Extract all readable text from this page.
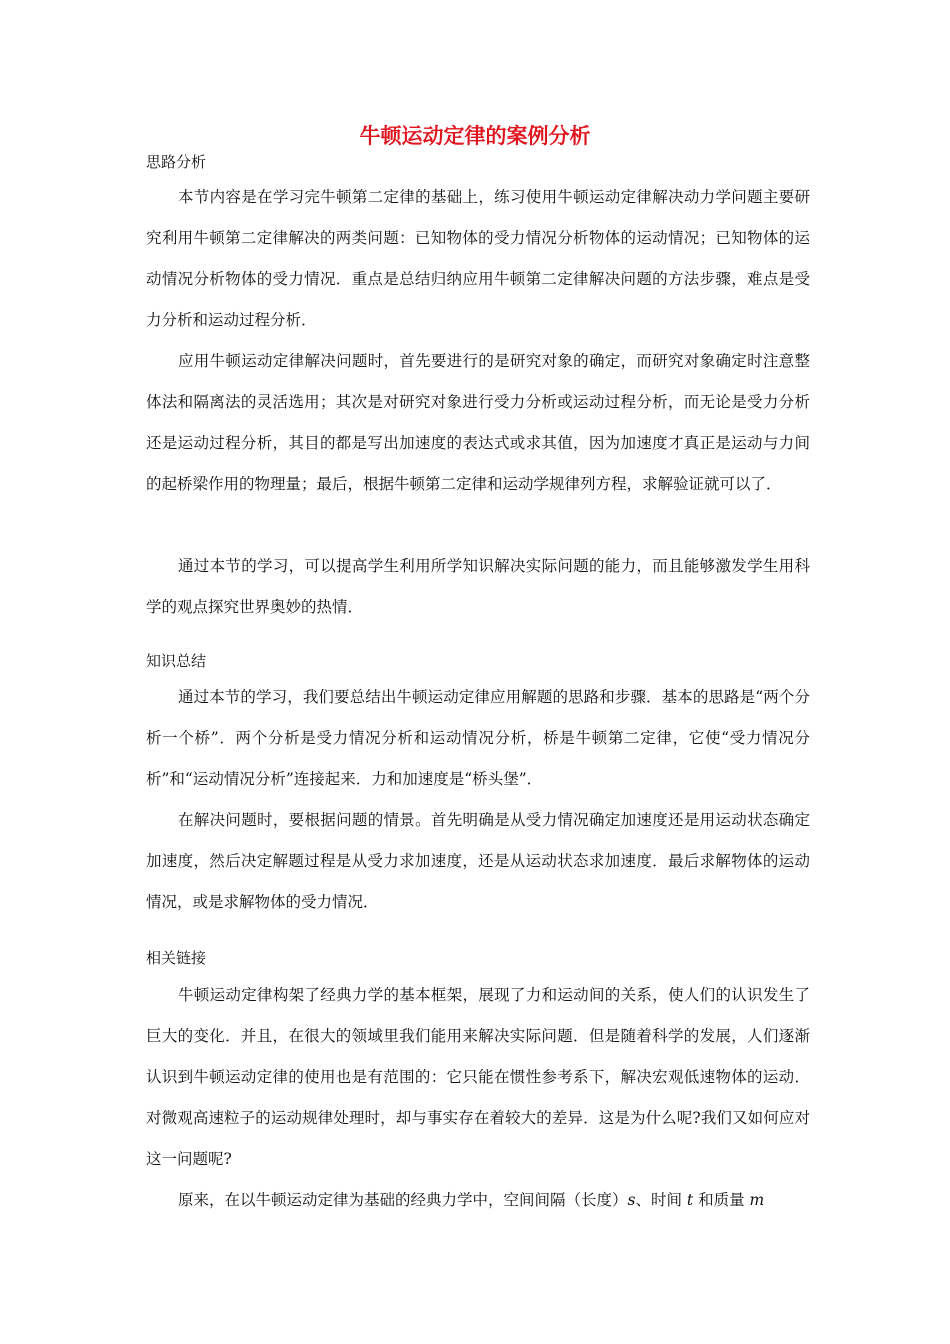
牛顿运动定律的案例分析
思路分析

本节内容是在学习完牛顿第二定律的基础上，练习使用牛顿运动定律解决动力学问题主要研究利用牛顿第二定律解决的两类问题：已知物体的受力情况分析物体的运动情况；已知物体的运动情况分析物体的受力情况．重点是总结归纳应用牛顿第二定律解决问题的方法步骤，难点是受力分析和运动过程分析．

应用牛顿运动定律解决问题时，首先要进行的是研究对象的确定，而研究对象确定时注意整体法和隔离法的灵活选用；其次是对研究对象进行受力分析或运动过程分析，而无论是受力分析还是运动过程分析，其目的都是写出加速度的表达式或求其值，因为加速度才真正是运动与力间的起桥梁作用的物理量；最后，根据牛顿第二定律和运动学规律列方程，求解验证就可以了．

通过本节的学习，可以提高学生利用所学知识解决实际问题的能力，而且能够激发学生用科学的观点探究世界奥妙的热情．

知识总结

通过本节的学习，我们要总结出牛顿运动定律应用解题的思路和步骤．基本的思路是“两个分析一个桥”．两个分析是受力情况分析和运动情况分析，桥是牛顿第二定律，它使“受力情况分析”和“运动情况分析”连接起来．力和加速度是“桥头堡”．

在解决问题时，要根据问题的情景。首先明确是从受力情况确定加速度还是用运动状态确定加速度，然后决定解题过程是从受力求加速度，还是从运动状态求加速度．最后求解物体的运动情况，或是求解物体的受力情况．

相关链接

牛顿运动定律构架了经典力学的基本框架，展现了力和运动间的关系，使人们的认识发生了巨大的变化．并且，在很大的领域里我们能用来解决实际问题．但是随着科学的发展，人们逐渐认识到牛顿运动定律的使用也是有范围的：它只能在惯性参考系下，解决宏观低速物体的运动．对微观高速粒子的运动规律处理时，却与事实存在着较大的差异．这是为什么呢?我们又如何应对这一问题呢?

原来，在以牛顿运动定律为基础的经典力学中，空间间隔（长度）s、时间 t 和质量 m
